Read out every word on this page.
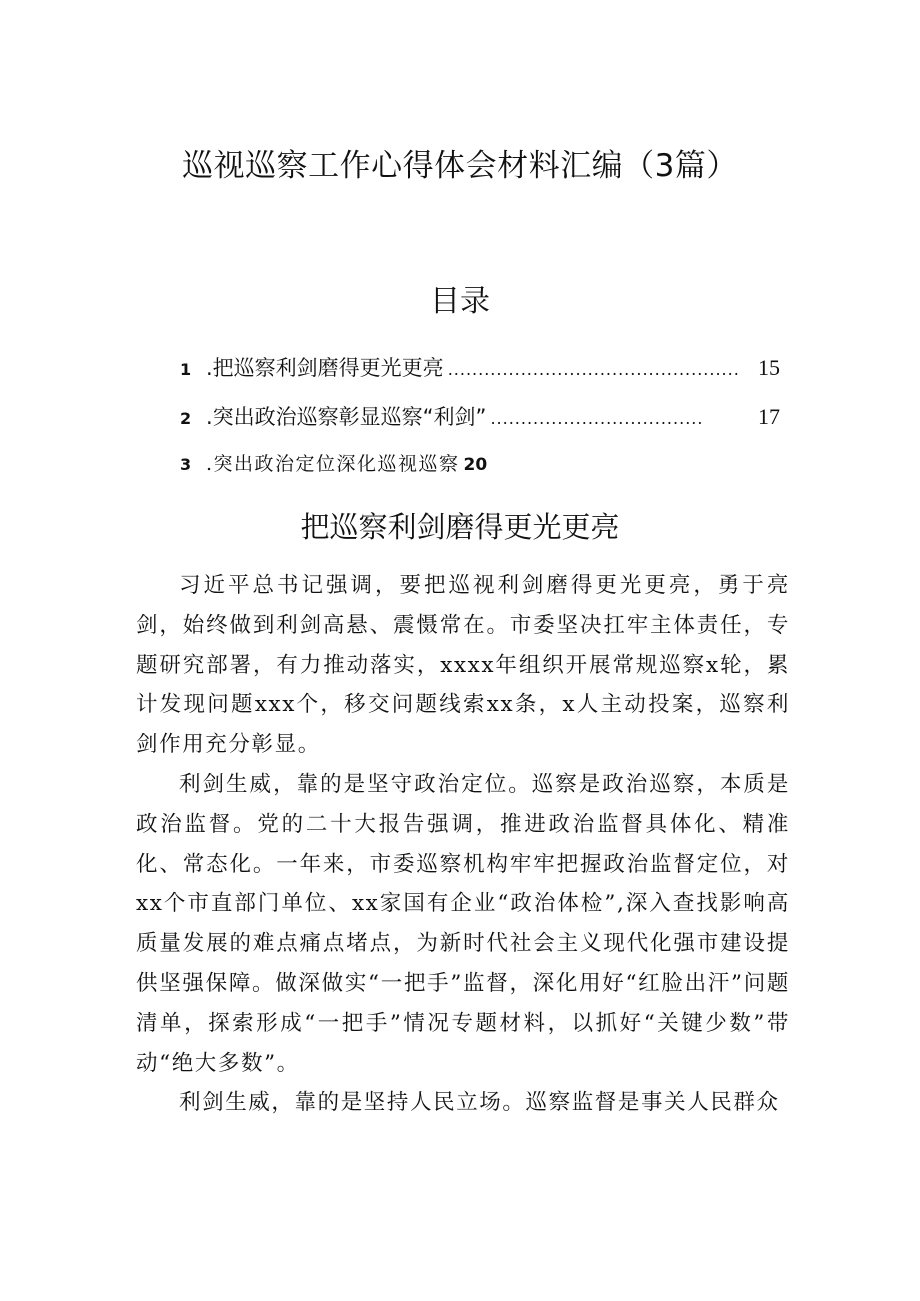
巡视巡察工作心得体会材料汇编（3篇）
目录
1 .把巡察利剑磨得更光更亮 ................................................ 15
2 .突出政治巡察彰显巡察“利剑” ...................................	17
3 .突出政治定位深化巡视巡察 20
把巡察利剑磨得更光更亮

习近平总书记强调，要把巡视利剑磨得更光更亮，勇于亮剑，始终做到利剑高悬、震慑常在。市委坚决扛牢主体责任，专题研究部署，有力推动落实，xxxx年组织开展常规巡察x轮，累计发现问题xxx个，移交问题线索xx条，x人主动投案，巡察利剑作用充分彰显。

利剑生威，靠的是坚守政治定位。巡察是政治巡察，本质是政治监督。党的二十大报告强调，推进政治监督具体化、精准化、常态化。一年来，市委巡察机构牢牢把握政治监督定位，对xx个市直部门单位、xx家国有企业“政治体检”,深入查找影响高质量发展的难点痛点堵点，为新时代社会主义现代化强市建设提供坚强保障。做深做实“一把手”监督，深化用好“红脸出汗”问题清单，探索形成“一把手”情况专题材料，以抓好“关键少数”带动“绝大多数”。

利剑生威，靠的是坚持人民立场。巡察监督是事关人民群众
